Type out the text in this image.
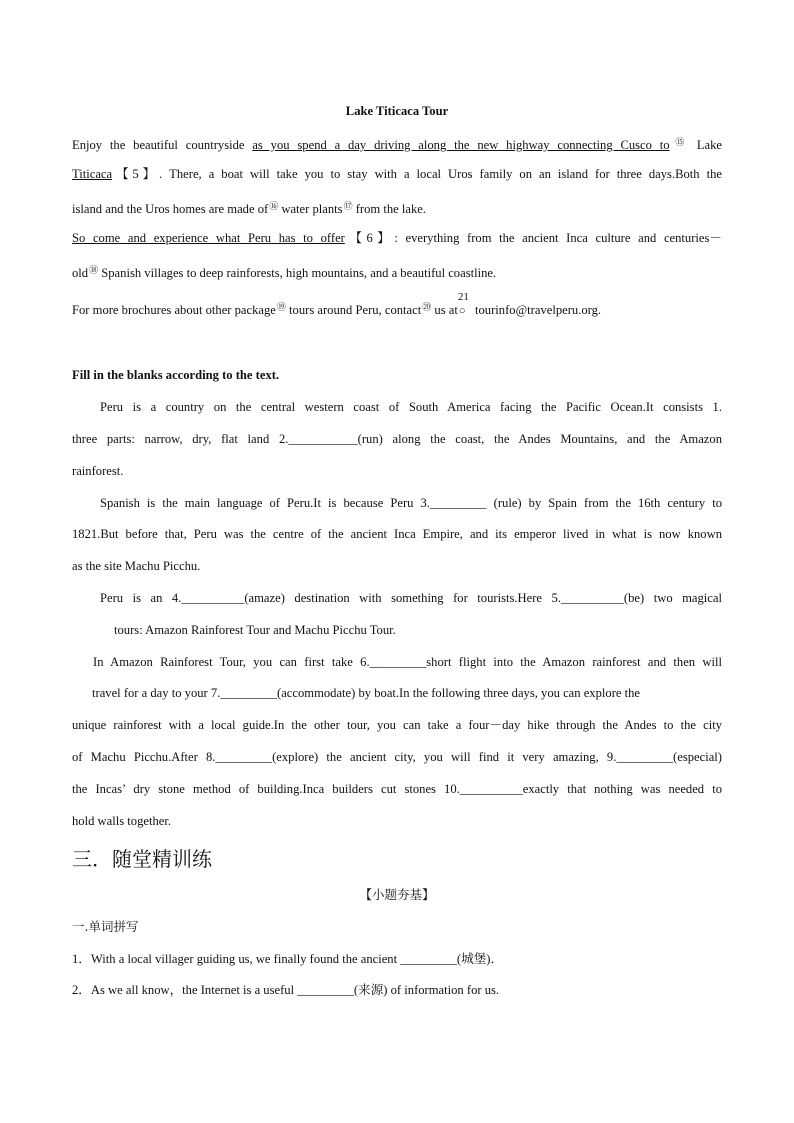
Lake Titicaca Tour
Enjoy the beautiful countryside as you spend a day driving along the new highway connecting Cusco to⑮ Lake
Titicaca【5】. There, a boat will take you to stay with a local Uros family on an island for three days.Both the
island and the Uros homes are made of⑯ water plants⑰ from the lake.
So come and experience what Peru has to offer【6】: everything from the ancient Inca culture and centuries－
old⑱ Spanish villages to deep rainforests, high mountains, and a beautiful coastline.
For more brochures about other package⑲ tours around Peru, contact⑳ us at
21
○ tourinfo@travelperu.org.
Fill in the blanks according to the text.
Peru is a country on the central western coast of South America facing the Pacific Ocean.It consists 1.
three parts: narrow, dry, flat land 2.___________(run) along the coast, the Andes Mountains, and the Amazon
rainforest.
Spanish is the main language of Peru.It is because Peru 3._________ (rule) by Spain from the 16th century to
1821.But before that, Peru was the centre of the ancient Inca Empire, and its emperor lived in what is now known
as the site Machu Picchu.
Peru is an 4.__________(amaze) destination with something for tourists.Here 5.__________(be) two magical
tours: Amazon Rainforest Tour and Machu Picchu Tour.
In Amazon Rainforest Tour, you can first take 6._________short flight into the Amazon rainforest and then will
travel for a day to your 7._________(accommodate) by boat.In the following three days, you can explore the
unique rainforest with a local guide.In the other tour, you can take a four－day hike through the Andes to the city
of Machu Picchu.After 8._________(explore) the ancient city, you will find it very amazing, 9._________(especial)
the Incas’ dry stone method of building.Inca builders cut stones 10.__________exactly that nothing was needed to
hold walls together.
三．随堂精训练
【小题夯基】
一.单词拼写
1．With a local villager guiding us, we finally found the ancient _________(城堡)．
2．As we all know，the Internet is a useful _________(来源) of information for us.
